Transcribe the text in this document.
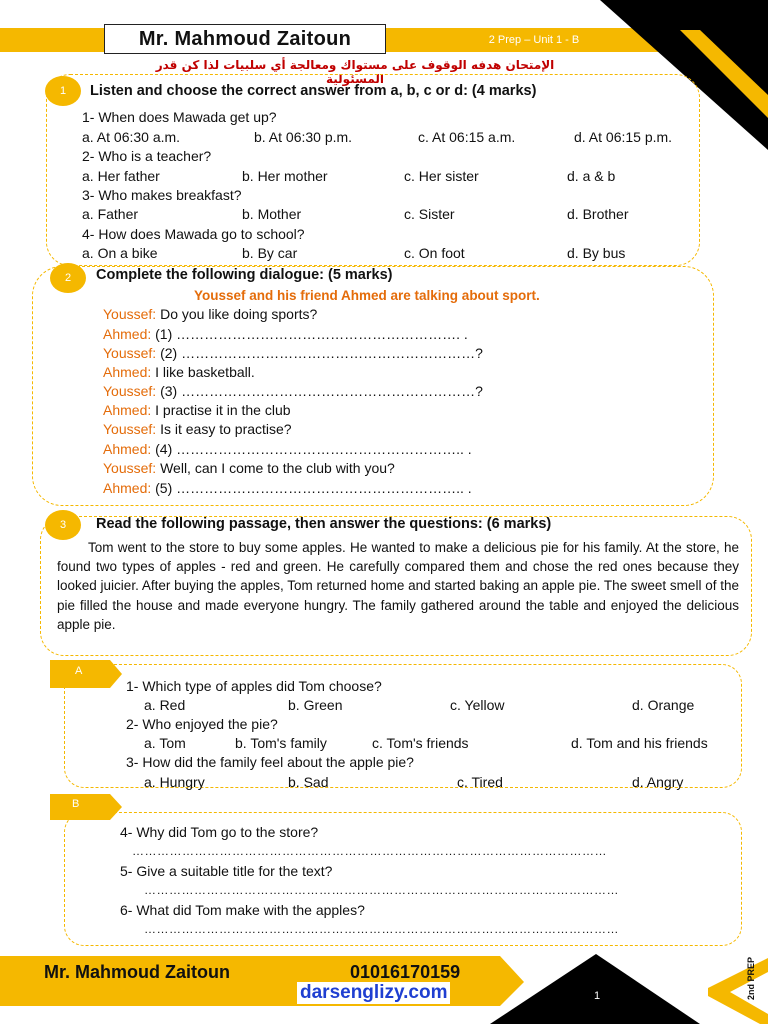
Mr. Mahmoud Zaitoun	2 Prep – Unit 1 - B
الإمتحان هدفه الوقوف على مستواك ومعالجة أي سلبيات لذا كن قدر المسئولية
1	Listen and choose the correct answer from a, b, c or d: (4 marks)
1- When does Mawada get up?
a. At 06:30 a.m.	b. At 06:30 p.m.	c. At 06:15 a.m.	d. At 06:15 p.m.
2- Who is a teacher?
a. Her father	b. Her mother	c. Her sister	d. a & b
3- Who makes breakfast?
a. Father	b. Mother	c. Sister	d. Brother
4- How does Mawada go to school?
a. On a bike	b. By car	c. On foot	d. By bus
2	Complete the following dialogue: (5 marks)
Youssef and his friend Ahmed are talking about sport.
Youssef: Do you like doing sports?
Ahmed: (1) ……………………………………………………. .
Youssef: (2) ………………………………………………………?
Ahmed: I like basketball.
Youssef: (3) ………………………………………………………?
Ahmed: I practise it in the club
Youssef: Is it easy to practise?
Ahmed: (4) …………………………………………………….. .
Youssef: Well, can I come to the club with you?
Ahmed: (5) …………………………………………………….. .
3	Read the following passage, then answer the questions: (6 marks)
Tom went to the store to buy some apples. He wanted to make a delicious pie for his family. At the store, he found two types of apples - red and green. He carefully compared them and chose the red ones because they looked juicier. After buying the apples, Tom returned home and started baking an apple pie. The sweet smell of the pie filled the house and made everyone hungry. The family gathered around the table and enjoyed the delicious apple pie.
A
1- Which type of apples did Tom choose?
a. Red	b. Green	c. Yellow	d. Orange
2- Who enjoyed the pie?
a. Tom	b. Tom's family	c. Tom's friends	d. Tom and his friends
3- How did the family feel about the apple pie?
a. Hungry	b. Sad	c. Tired	d. Angry
B
4- Why did Tom go to the store?
……………………………………………………………………………………………………
5- Give a suitable title for the text?
……………………………………………………………………………………………………
6- What did Tom make with the apples?
……………………………………………………………………………………………………
Mr. Mahmoud Zaitoun	01016170159
darsenglizy.com	1	2nd PREP
